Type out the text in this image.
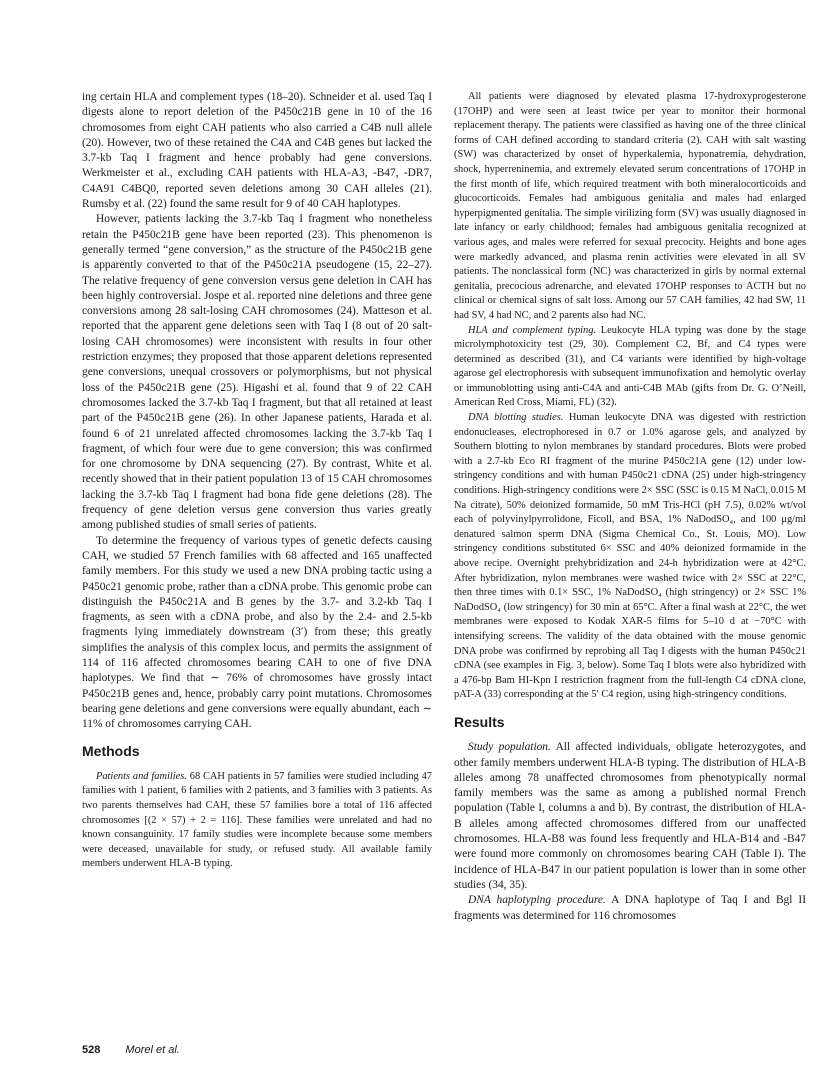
ing certain HLA and complement types (18–20). Schneider et al. used Taq I digests alone to report deletion of the P450c21B gene in 10 of the 16 chromosomes from eight CAH patients who also carried a C4B null allele (20). However, two of these retained the C4A and C4B genes but lacked the 3.7-kb Taq I fragment and hence probably had gene conversions. Werkmeister et al., excluding CAH patients with HLA-A3, -B47, -DR7, C4A91 C4BQ0, reported seven deletions among 30 CAH alleles (21). Rumsby et al. (22) found the same result for 9 of 40 CAH haplotypes.

However, patients lacking the 3.7-kb Taq I fragment who nonetheless retain the P450c21B gene have been reported (23). This phenomenon is generally termed “gene conversion,” as the structure of the P450c21B gene is apparently converted to that of the P450c21A pseudogene (15, 22–27). The relative frequency of gene conversion versus gene deletion in CAH has been highly controversial. Jospe et al. reported nine deletions and three gene conversions among 28 salt-losing CAH chromosomes (24). Matteson et al. reported that the apparent gene deletions seen with Taq I (8 out of 20 salt-losing CAH chromosomes) were inconsistent with results in four other restriction enzymes; they proposed that those apparent deletions represented gene conversions, unequal crossovers or polymorphisms, but not physical loss of the P450c21B gene (25). Higashi et al. found that 9 of 22 CAH chromosomes lacked the 3.7-kb Taq I fragment, but that all retained at least part of the P450c21B gene (26). In other Japanese patients, Harada et al. found 6 of 21 unrelated affected chromosomes lacking the 3.7-kb Taq I fragment, of which four were due to gene conversion; this was confirmed for one chromosome by DNA sequencing (27). By contrast, White et al. recently showed that in their patient population 13 of 15 CAH chromosomes lacking the 3.7-kb Taq I fragment had bona fide gene deletions (28). The frequency of gene deletion versus gene conversion thus varies greatly among published studies of small series of patients.

To determine the frequency of various types of genetic defects causing CAH, we studied 57 French families with 68 affected and 165 unaffected family members. For this study we used a new DNA probing tactic using a P450c21 genomic probe, rather than a cDNA probe. This genomic probe can distinguish the P450c21A and B genes by the 3.7- and 3.2-kb Taq I fragments, as seen with a cDNA probe, and also by the 2.4- and 2.5-kb fragments lying immediately downstream (3′) from these; this greatly simplifies the analysis of this complex locus, and permits the assignment of 114 of 116 affected chromosomes bearing CAH to one of five DNA haplotypes. We find that ∼ 76% of chromosomes have grossly intact P450c21B genes and, hence, probably carry point mutations. Chromosomes bearing gene deletions and gene conversions were equally abundant, each ∼ 11% of chromosomes carrying CAH.

Methods

Patients and families. 68 CAH patients in 57 families were studied including 47 families with 1 patient, 6 families with 2 patients, and 3 families with 3 patients. As two parents themselves had CAH, these 57 families bore a total of 116 affected chromosomes [(2 × 57) + 2 = 116]. These families were unrelated and had no known consanguinity. 17 family studies were incomplete because some members were deceased, unavailable for study, or refused study. All available family members underwent HLA-B typing.

All patients were diagnosed by elevated plasma 17-hydroxyprogesterone (17OHP) and were seen at least twice per year to monitor their hormonal replacement therapy. The patients were classified as having one of the three clinical forms of CAH defined according to standard criteria (2). CAH with salt wasting (SW) was characterized by onset of hyperkalemia, hyponatremia, dehydration, shock, hyperreninemia, and extremely elevated serum concentrations of 17OHP in the first month of life, which required treatment with both mineralocorticoids and glucocorticoids. Females had ambiguous genitalia and males had enlarged hyperpigmented genitalia. The simple virilizing form (SV) was usually diagnosed in late infancy or early childhood; females had ambiguous genitalia recognized at various ages, and males were referred for sexual precocity. Heights and bone ages were markedly advanced, and plasma renin activities were elevated in all SV patients. The nonclassical form (NC) was characterized in girls by normal external genitalia, precocious adrenarche, and elevated 17OHP responses to ACTH but no clinical or chemical signs of salt loss. Among our 57 CAH families, 42 had SW, 11 had SV, 4 had NC, and 2 parents also had NC.

HLA and complement typing. Leukocyte HLA typing was done by the stage microlymphotoxicity test (29, 30). Complement C2, Bf, and C4 types were determined as described (31), and C4 variants were identified by high-voltage agarose gel electrophoresis with subsequent immunofixation and hemolytic overlay or immunoblotting using anti-C4A and anti-C4B MAb (gifts from Dr. G. O’Neill, American Red Cross, Miami, FL) (32).

DNA blotting studies. Human leukocyte DNA was digested with restriction endonucleases, electrophoresed in 0.7 or 1.0% agarose gels, and analyzed by Southern blotting to nylon membranes by standard procedures. Blots were probed with a 2.7-kb Eco RI fragment of the murine P450c21A gene (12) under low-stringency conditions and with human P450c21 cDNA (25) under high-stringency conditions. High-stringency conditions were 2× SSC (SSC is 0.15 M NaCl, 0.015 M Na citrate), 50% deionized formamide, 50 mM Tris-HCl (pH 7.5), 0.02% wt/vol each of polyvinylpyrrolidone, Ficoll, and BSA, 1% NaDodSO₄, and 100 μg/ml denatured salmon sperm DNA (Sigma Chemical Co., St. Louis, MO). Low stringency conditions substituted 6× SSC and 40% deionized formamide in the above recipe. Overnight prehybridization and 24-h hybridization were at 42°C. After hybridization, nylon membranes were washed twice with 2× SSC at 22°C, then three times with 0.1× SSC, 1% NaDodSO₄ (high stringency) or 2× SSC 1% NaDodSO₄ (low stringency) for 30 min at 65°C. After a final wash at 22°C, the wet membranes were exposed to Kodak XAR-5 films for 5–10 d at −70°C with intensifying screens. The validity of the data obtained with the mouse genomic DNA probe was confirmed by reprobing all Taq I digests with the human P450c21 cDNA (see examples in Fig. 3, below). Some Taq I blots were also hybridized with a 476-bp Bam HI-Kpn I restriction fragment from the full-length C4 cDNA clone, pAT-A (33) corresponding at the 5′ C4 region, using high-stringency conditions.

Results

Study population. All affected individuals, obligate heterozygotes, and other family members underwent HLA-B typing. The distribution of HLA-B alleles among 78 unaffected chromosomes from phenotypically normal family members was the same as among a published normal French population (Table I, columns a and b). By contrast, the distribution of HLA-B alleles among affected chromosomes differed from our unaffected chromosomes. HLA-B8 was found less frequently and HLA-B14 and -B47 were found more commonly on chromosomes bearing CAH (Table I). The incidence of HLA-B47 in our patient population is lower than in some other studies (34, 35).

DNA haplotyping procedure. A DNA haplotype of Taq I and Bgl II fragments was determined for 116 chromosomes

528 Morel et al.
